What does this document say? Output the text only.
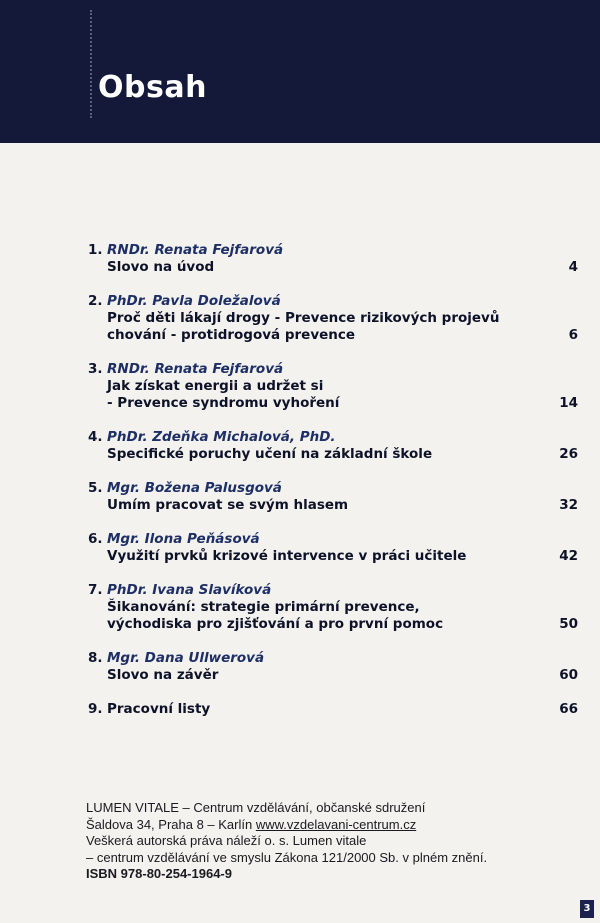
Obsah
1. RNDr. Renata Fejfarová
Slovo na úvod	4
2. PhDr. Pavla Doležalová
Proč děti lákají drogy - Prevence rizikových projevů
chování - protidrogová prevence	6
3. RNDr. Renata Fejfarová
Jak získat energii a udržet si
- Prevence syndromu vyhoření	14
4. PhDr. Zdeňka Michalová, PhD.
Specifické poruchy učení na základní škole	26
5. Mgr. Božena Palusgová
Umím pracovat se svým hlasem	32
6. Mgr. Ilona Peňásová
Využití prvků krizové intervence v práci učitele	42
7. PhDr. Ivana Slavíková
Šikanování: strategie primární prevence,
východiska pro zjišťování a pro první pomoc	50
8. Mgr. Dana Ullwerová
Slovo na závěr	60
9. Pracovní listy	66
LUMEN VITALE – Centrum vzdělávání, občanské sdružení
Šaldova 34, Praha 8 – Karlín www.vzdelavani-centrum.cz
Veškerá autorská práva náleží o. s. Lumen vitale
– centrum vzdělávání ve smyslu Zákona 121/2000 Sb. v plném znění.
ISBN 978-80-254-1964-9
3
